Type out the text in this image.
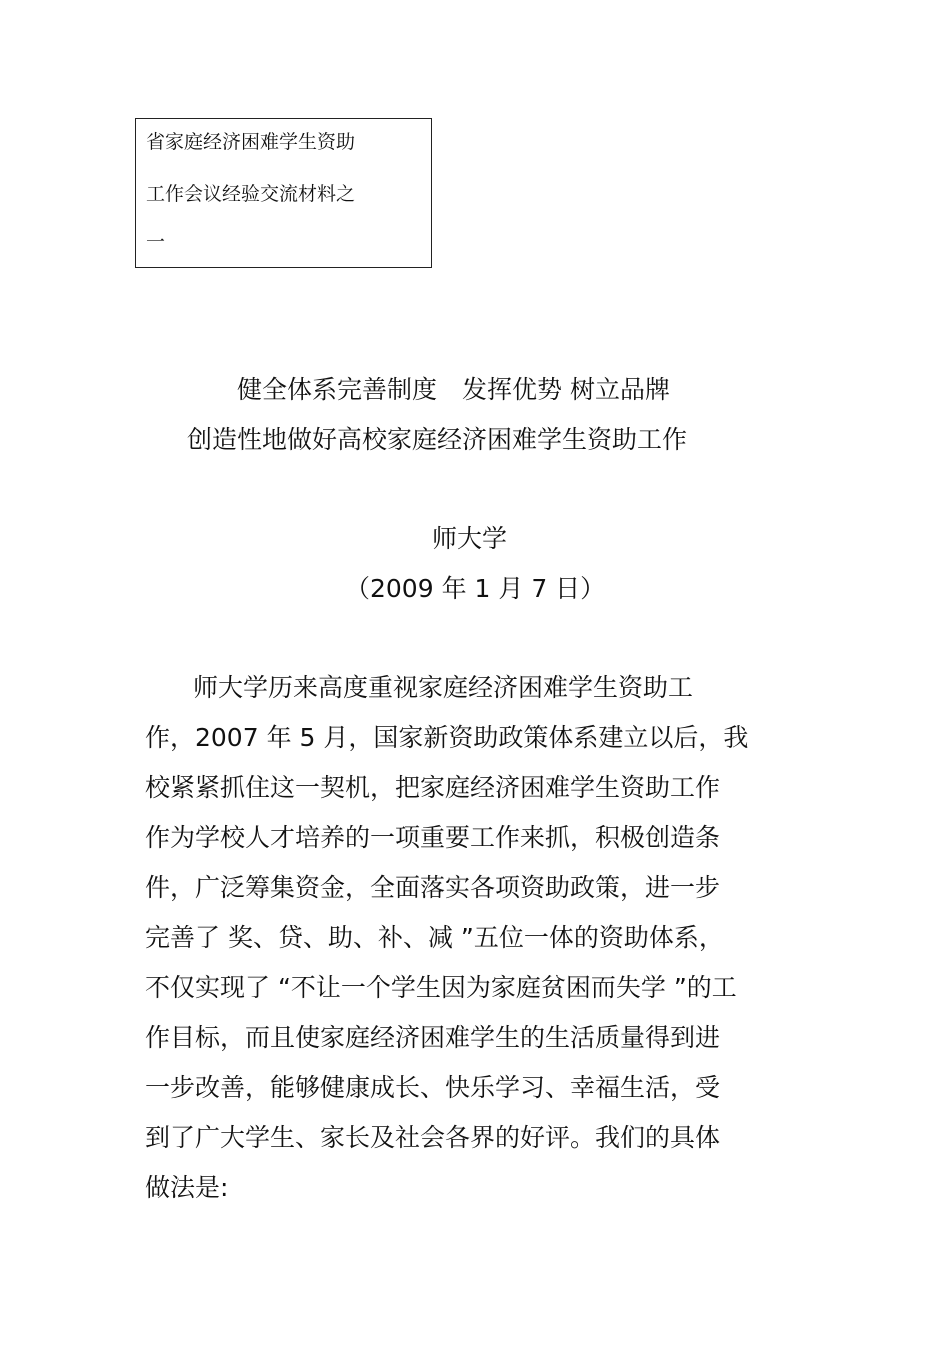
省家庭经济困难学生资助
工作会议经验交流材料之
一
健全体系完善制度　发挥优势 树立品牌
创造性地做好高校家庭经济困难学生资助工作
师大学
（2009 年 1 月 7 日）
师大学历来高度重视家庭经济困难学生资助工
作，2007 年 5 月，国家新资助政策体系建立以后，我
校紧紧抓住这一契机，把家庭经济困难学生资助工作
作为学校人才培养的一项重要工作来抓，积极创造条
件，广泛筹集资金，全面落实各项资助政策，进一步
完善了 奖、贷、助、补、减 ”五位一体的资助体系，
不仅实现了 “不让一个学生因为家庭贫困而失学 ”的工
作目标，而且使家庭经济困难学生的生活质量得到进
一步改善，能够健康成长、快乐学习、幸福生活，受
到了广大学生、家长及社会各界的好评。我们的具体
做法是:
